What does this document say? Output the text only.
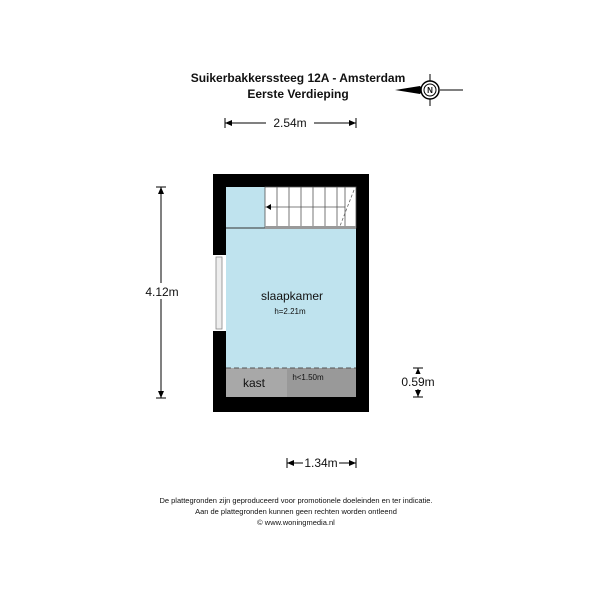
Suikerbakkerssteeg 12A - Amsterdam
Eerste Verdieping	N
2.54m
4.12m	slaapkamer
h=2.21m
kast	h<1.50m	0.59m
1.34m
De plattegronden zijn geproduceerd voor promotionele doeleinden en ter indicatie.
Aan de plattegronden kunnen geen rechten worden ontleend
© www.woningmedia.nl
